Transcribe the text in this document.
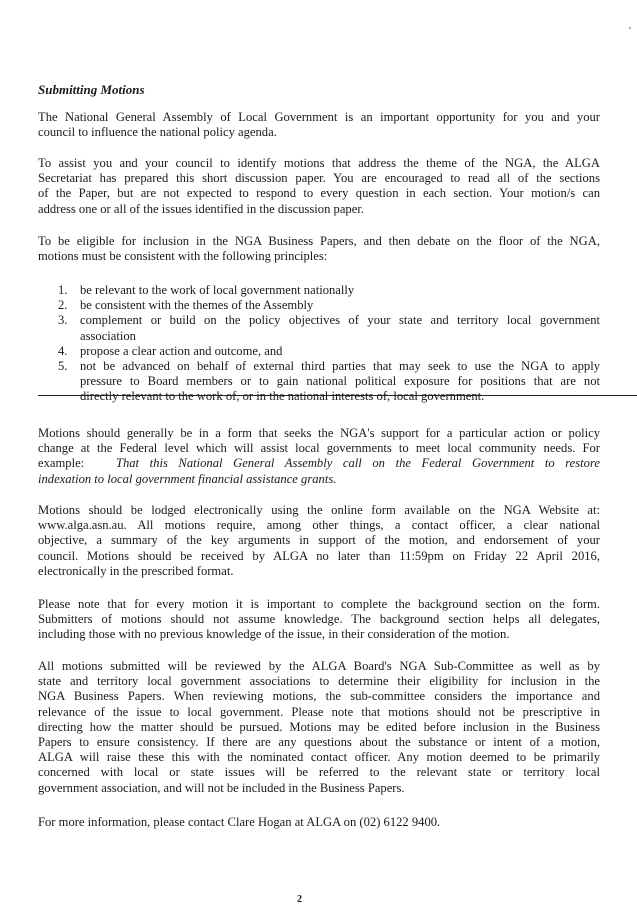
′
Submitting Motions
The National General Assembly of Local Government is an important opportunity for you and your
council to influence the national policy agenda.
To assist you and your council to identify motions that address the theme of the NGA, the ALGA
Secretariat has prepared this short discussion paper. You are encouraged to read all of the sections
of the Paper, but are not expected to respond to every question in each section. Your motion/s can
address one or all of the issues identified in the discussion paper.
To be eligible for inclusion in the NGA Business Papers, and then debate on the floor of the NGA,
motions must be consistent with the following principles:
1. be relevant to the work of local government nationally
2. be consistent with the themes of the Assembly
3. complement or build on the policy objectives of your state and territory local government
association
4. propose a clear action and outcome, and
5. not be advanced on behalf of external third parties that may seek to use the NGA to apply
pressure to Board members or to gain national political exposure for positions that are not
directly relevant to the work of, or in the national interests of, local government.
Motions should generally be in a form that seeks the NGA's support for a particular action or policy
change at the Federal level which will assist local governments to meet local community needs. For
example:	That this National General Assembly call on the Federal Government to restore
indexation to local government financial assistance grants.
Motions should be lodged electronically using the online form available on the NGA Website at:
www.alga.asn.au. All motions require, among other things, a contact officer, a clear national
objective, a summary of the key arguments in support of the motion, and endorsement of your
council. Motions should be received by ALGA no later than 11:59pm on Friday 22 April 2016,
electronically in the prescribed format.
Please note that for every motion it is important to complete the background section on the form.
Submitters of motions should not assume knowledge. The background section helps all delegates,
including those with no previous knowledge of the issue, in their consideration of the motion.
All motions submitted will be reviewed by the ALGA Board's NGA Sub-Committee as well as by
state and territory local government associations to determine their eligibility for inclusion in the
NGA Business Papers. When reviewing motions, the sub-committee considers the importance and
relevance of the issue to local government. Please note that motions should not be prescriptive in
directing how the matter should be pursued. Motions may be edited before inclusion in the Business
Papers to ensure consistency. If there are any questions about the substance or intent of a motion,
ALGA will raise these this with the nominated contact officer. Any motion deemed to be primarily
concerned with local or state issues will be referred to the relevant state or territory local
government association, and will not be included in the Business Papers.
For more information, please contact Clare Hogan at ALGA on (02) 6122 9400.
2
